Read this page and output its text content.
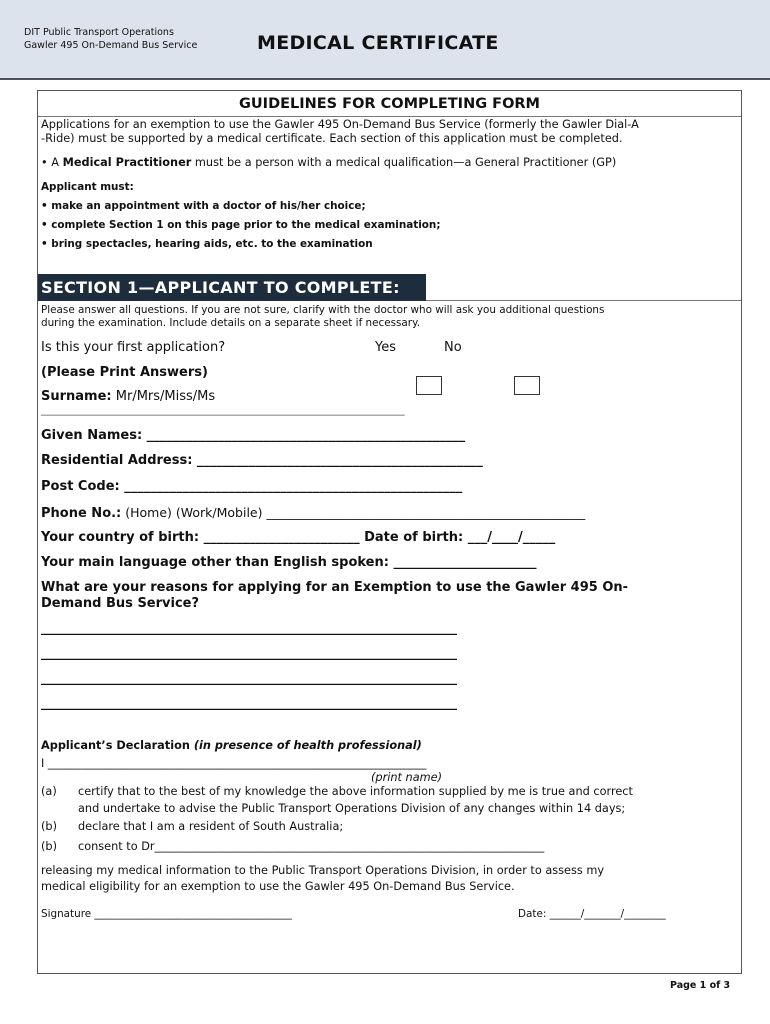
DIT Public Transport Operations
Gawler 495 On-Demand Bus Service	MEDICAL CERTIFICATE
GUIDELINES FOR COMPLETING FORM
Applications for an exemption to use the Gawler 495 On-Demand Bus Service (formerly the Gawler Dial-A
-Ride) must be supported by a medical certificate. Each section of this application must be completed.
• A Medical Practitioner must be a person with a medical qualification—a General Practitioner (GP)
Applicant must:
• make an appointment with a doctor of his/her choice;
• complete Section 1 on this page prior to the medical examination;
• bring spectacles, hearing aids, etc. to the examination
SECTION 1—APPLICANT TO COMPLETE:
Please answer all questions. If you are not sure, clarify with the doctor who will ask you additional questions
during the examination. Include details on a separate sheet if necessary.
Is this your first application?	Yes	No
(Please Print Answers)
Surname: Mr/Mrs/Miss/Ms
______________________________________________________________________
Given Names: _________________________________________________
Residential Address: ____________________________________________
Post Code: ____________________________________________________
Phone No.: (Home) (Work/Mobile) ___________________________________________________
Your country of birth: ________________________ Date of birth: ___/____/_____
Your main language other than English spoken: ______________________
What are your reasons for applying for an Exemption to use the Gawler 495 On-
Demand Bus Service?
________________________________________________________________
________________________________________________________________
________________________________________________________________
________________________________________________________________
Applicant’s Declaration (in presence of health professional)
I ___________________________________________________________________
(print name)
(a) certify that to the best of my knowledge the above information supplied by me is true and correct
and undertake to advise the Public Transport Operations Division of any changes within 14 days;
(b) declare that I am a resident of South Australia;
(b) consent to Dr_____________________________________________________________________
releasing my medical information to the Public Transport Operations Division, in order to assess my
medical eligibility for an exemption to use the Gawler 495 On-Demand Bus Service.
Signature ______________________________________	Date: ______/_______/________
Page 1 of 3
